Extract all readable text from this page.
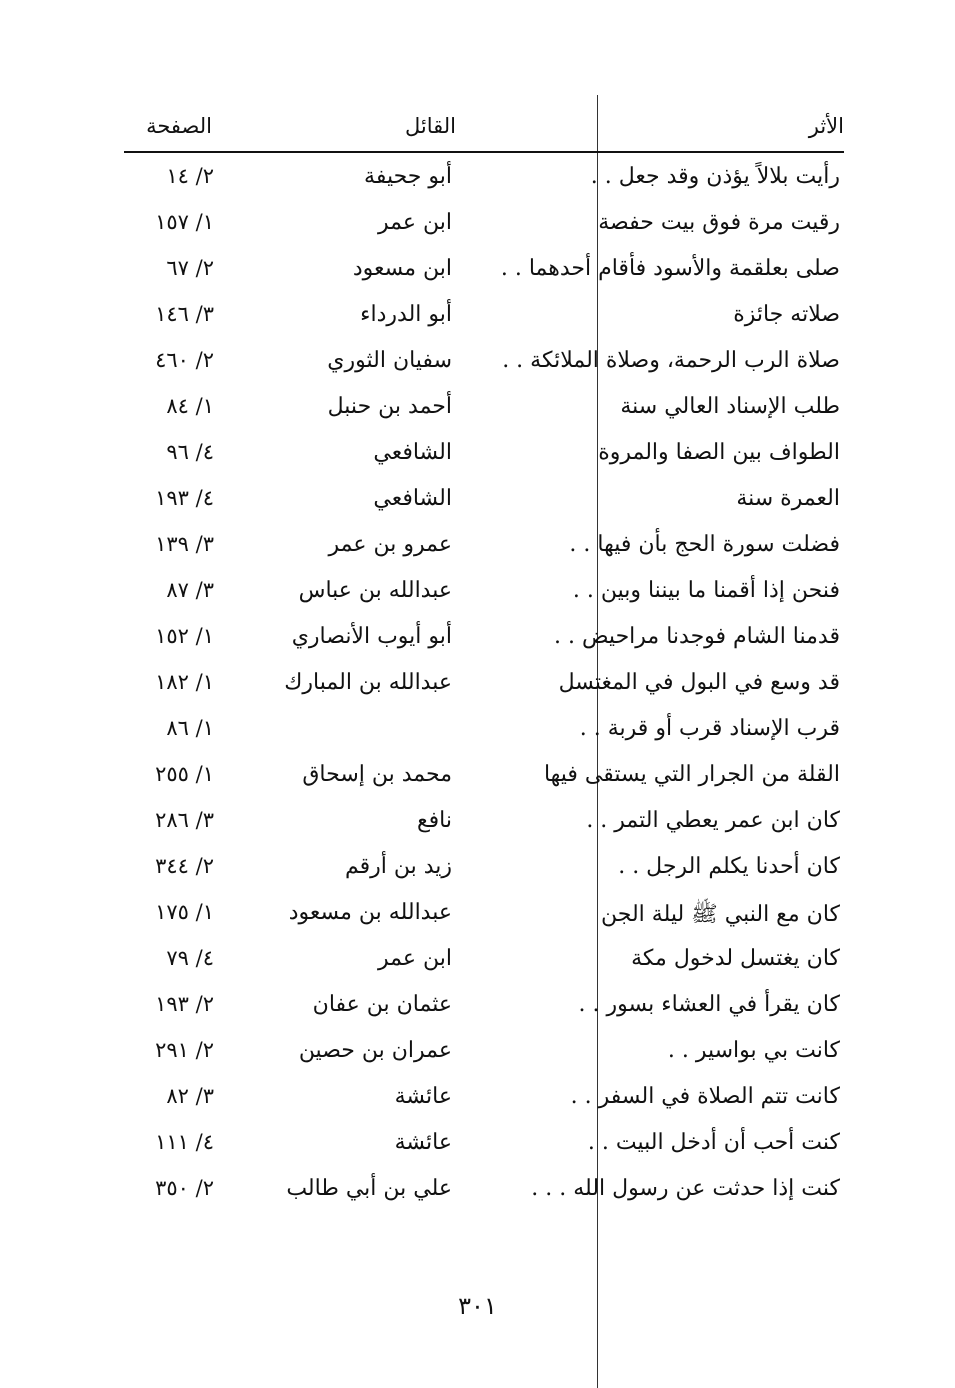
الأثر
القائل
الصفحة
رأيت بلالاً يؤذن وقد جعل . .
أبو جحيفة
٢/ ١٤
رقيت مرة فوق بيت حفصة
ابن عمر
١/ ١٥٧
صلى بعلقمة والأسود فأقام أحدهما . .
ابن مسعود
٢/ ٦٧
صلاته جائزة
أبو الدرداء
٣/ ١٤٦
صلاة الرب الرحمة، وصلاة الملائكة . .
سفيان الثوري
٢/ ٤٦٠
طلب الإسناد العالي سنة
أحمد بن حنبل
١/ ٨٤
الطواف بين الصفا والمروة
الشافعي
٤/ ٩٦
العمرة سنة
الشافعي
٤/ ١٩٣
فضلت سورة الحج بأن فيها . .
عمرو بن عمر
٣/ ١٣٩
فنحن إذا أقمنا ما بيننا وبين . .
عبدالله بن عباس
٣/ ٨٧
قدمنا الشام فوجدنا مراحيض . .
أبو أيوب الأنصاري
١/ ١٥٢
قد وسع في البول في المغتسل
عبدالله بن المبارك
١/ ١٨٢
قرب الإسناد قرب أو قربة . .
١/ ٨٦
القلة من الجرار التي يستقى فيها
محمد بن إسحاق
١/ ٢٥٥
كان ابن عمر يعطي التمر . .
نافع
٣/ ٢٨٦
كان أحدنا يكلم الرجل . .
زيد بن أرقم
٢/ ٣٤٤
كان مع النبي ﷺ ليلة الجن
عبدالله بن مسعود
١/ ١٧٥
كان يغتسل لدخول مكة
ابن عمر
٤/ ٧٩
كان يقرأ في العشاء بسور . .
عثمان بن عفان
٢/ ١٩٣
كانت بي بواسير . .
عمران بن حصين
٢/ ٢٩١
كانت تتم الصلاة في السفر . .
عائشة
٣/ ٨٢
كنت أحب أن أدخل البيت . .
عائشة
٤/ ١١١
كنت إذا حدثت عن رسول الله . . .
علي بن أبي طالب
٢/ ٣٥٠
٣٠١
